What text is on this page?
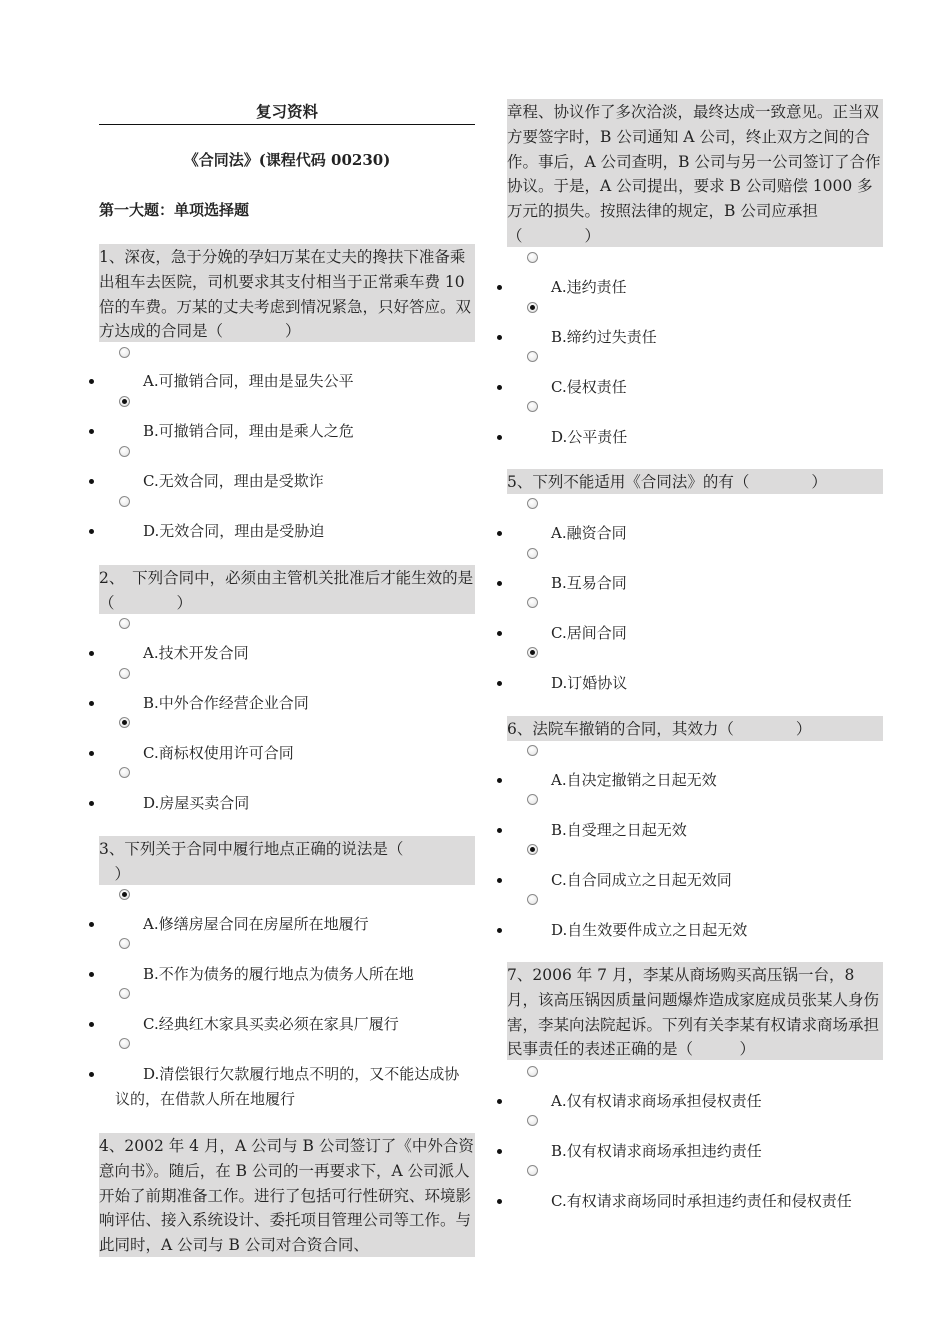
复习资料
《合同法》(课程代码 00230)
第一大题：单项选择题
1、深夜，急于分娩的孕妇万某在丈夫的搀扶下准备乘出租车去医院，司机要求其支付相当于正常乘车费 10 倍的车费。万某的丈夫考虑到情况紧急，只好答应。双方达成的合同是（　　　　）
A.可撤销合同，理由是显失公平
B.可撤销合同，理由是乘人之危
C.无效合同，理由是受欺诈
D.无效合同，理由是受胁迫
2、　下列合同中，必须由主管机关批准后才能生效的是（　　　　）
A.技术开发合同
B.中外合作经营企业合同
C.商标权使用许可合同
D.房屋买卖合同
3、下列关于合同中履行地点正确的说法是（
　）
A.修缮房屋合同在房屋所在地履行
B.不作为债务的履行地点为债务人所在地
C.经典红木家具买卖必须在家具厂履行
D.清偿银行欠款履行地点不明的，又不能达成协议的，在借款人所在地履行
4、2002 年 4 月，A 公司与 B 公司签订了《中外合资意向书》。随后，在 B 公司的一再要求下，A 公司派人开始了前期准备工作。进行了包括可行性研究、环境影响评估、接入系统设计、委托项目管理公司等工作。与此同时，A 公司与 B 公司对合资合同、
章程、协议作了多次洽淡，最终达成一致意见。正当双方要签字时，B 公司通知 A 公司，终止双方之间的合作。事后，A 公司查明，B 公司与另一公司签订了合作协议。于是，A 公司提出，要求 B 公司赔偿 1000 多万元的损失。按照法律的规定，B 公司应承担（　　　　）
A.违约责任
B.缔约过失责任
C.侵权责任
D.公平责任
5、下列不能适用《合同法》的有（　　　　）
A.融资合同
B.互易合同
C.居间合同
D.订婚协议
6、法院车撤销的合同，其效力（　　　　）
A.自决定撤销之日起无效
B.自受理之日起无效
C.自合同成立之日起无效同
D.自生效要件成立之日起无效
7、2006 年 7 月，李某从商场购买高压锅一台，8 月，该高压锅因质量问题爆炸造成家庭成员张某人身伤害，李某向法院起诉。下列有关李某有权请求商场承担民事责任的表述正确的是（　　　）
A.仅有权请求商场承担侵权责任
B.仅有权请求商场承担违约责任
C.有权请求商场同时承担违约责任和侵权责任
